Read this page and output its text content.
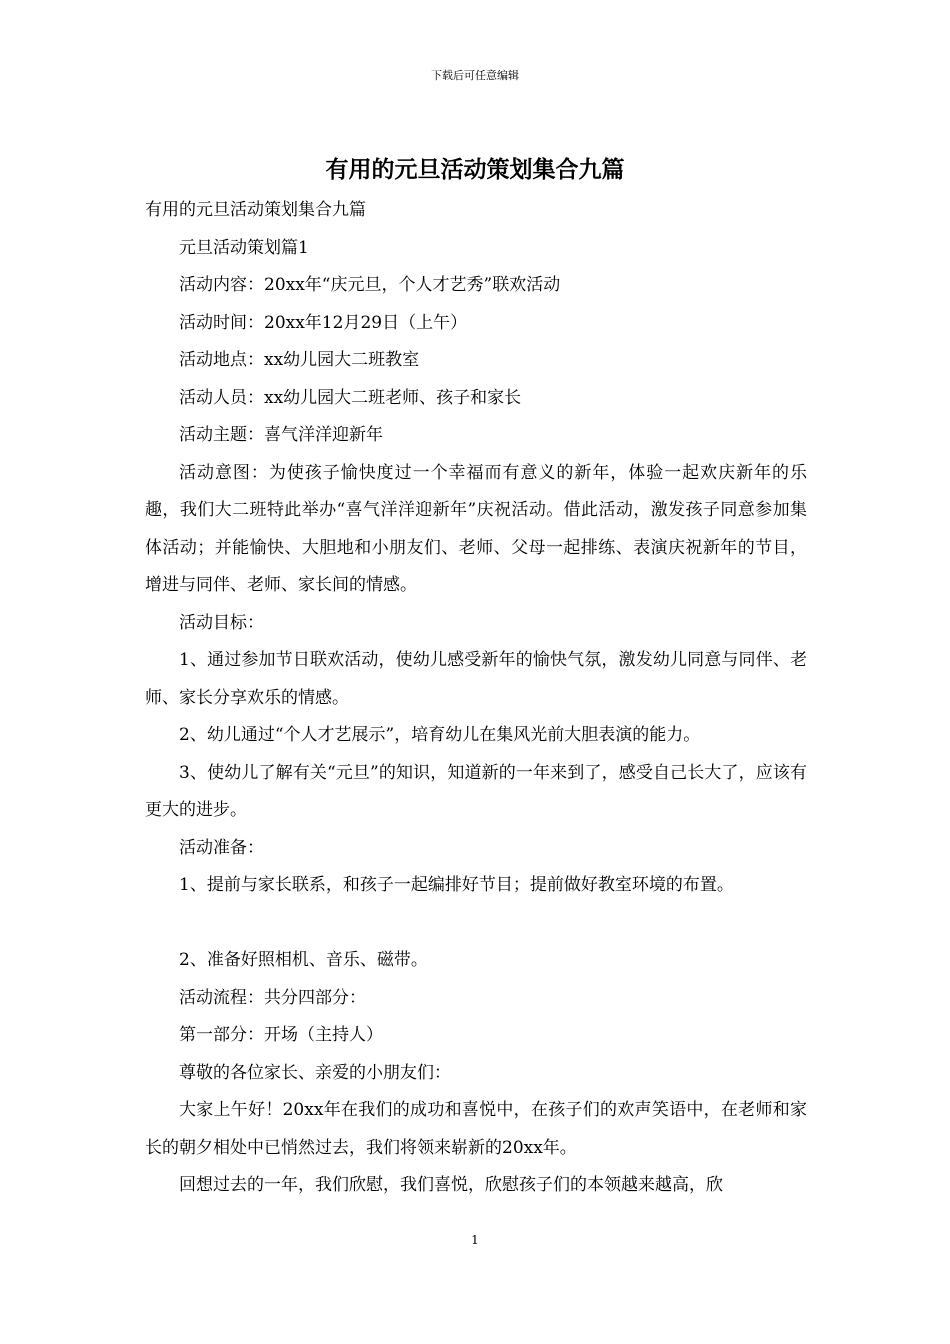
下载后可任意编辑
有用的元旦活动策划集合九篇

有用的元旦活动策划集合九篇

元旦活动策划篇1

活动内容：20xx年“庆元旦，个人才艺秀”联欢活动

活动时间：20xx年12月29日（上午）

活动地点：xx幼儿园大二班教室

活动人员：xx幼儿园大二班老师、孩子和家长

活动主题：喜气洋洋迎新年

活动意图：为使孩子愉快度过一个幸福而有意义的新年，体验一起欢庆新年的乐趣，我们大二班特此举办“喜气洋洋迎新年”庆祝活动。借此活动，激发孩子同意参加集体活动；并能愉快、大胆地和小朋友们、老师、父母一起排练、表演庆祝新年的节目，增进与同伴、老师、家长间的情感。

活动目标：

1、通过参加节日联欢活动，使幼儿感受新年的愉快气氛，激发幼儿同意与同伴、老师、家长分享欢乐的情感。

2、幼儿通过“个人才艺展示”，培育幼儿在集风光前大胆表演的能力。

3、使幼儿了解有关“元旦”的知识，知道新的一年来到了，感受自己长大了，应该有更大的进步。

活动准备：

1、提前与家长联系，和孩子一起编排好节目；提前做好教室环境的布置。

2、准备好照相机、音乐、磁带。

活动流程：共分四部分：

第一部分：开场（主持人）

尊敬的各位家长、亲爱的小朋友们：

大家上午好！20xx年在我们的成功和喜悦中，在孩子们的欢声笑语中，在老师和家长的朝夕相处中已悄然过去，我们将领来崭新的20xx年。

回想过去的一年，我们欣慰，我们喜悦，欣慰孩子们的本领越来越高，欣

1
